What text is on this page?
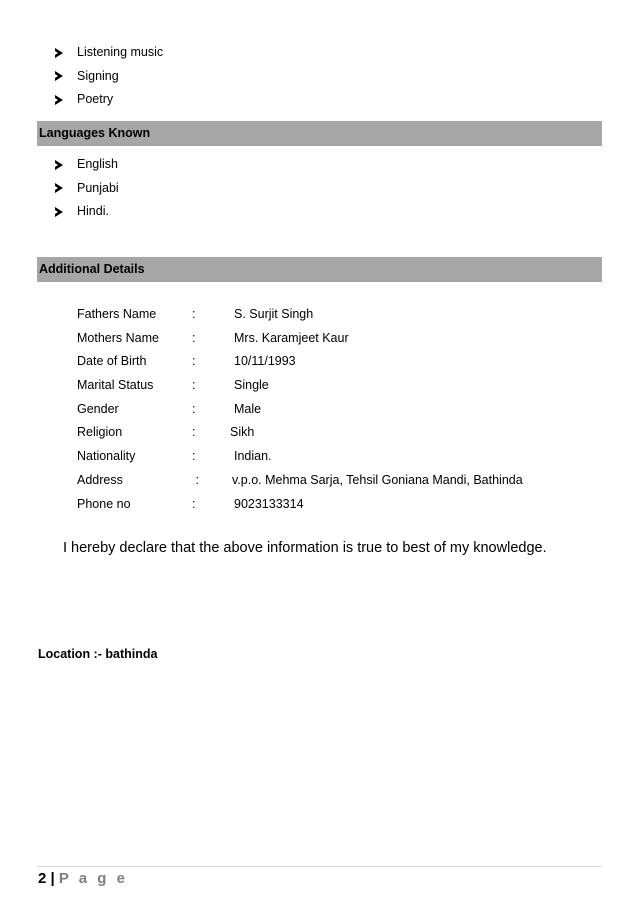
Listening music
Signing
Poetry
Languages Known
English
Punjabi
Hindi.
Additional Details
Fathers Name	:	S. Surjit Singh
Mothers Name	:	Mrs. Karamjeet Kaur
Date of Birth	:	10/11/1993
Marital Status	:	Single
Gender	:	Male
Religion	:	Sikh
Nationality	:	Indian.
Address	:	v.p.o. Mehma Sarja, Tehsil Goniana Mandi, Bathinda
Phone no	:	9023133314
I hereby declare that the above information is true to best of my knowledge.
Location :- bathinda
2 | P a g e
